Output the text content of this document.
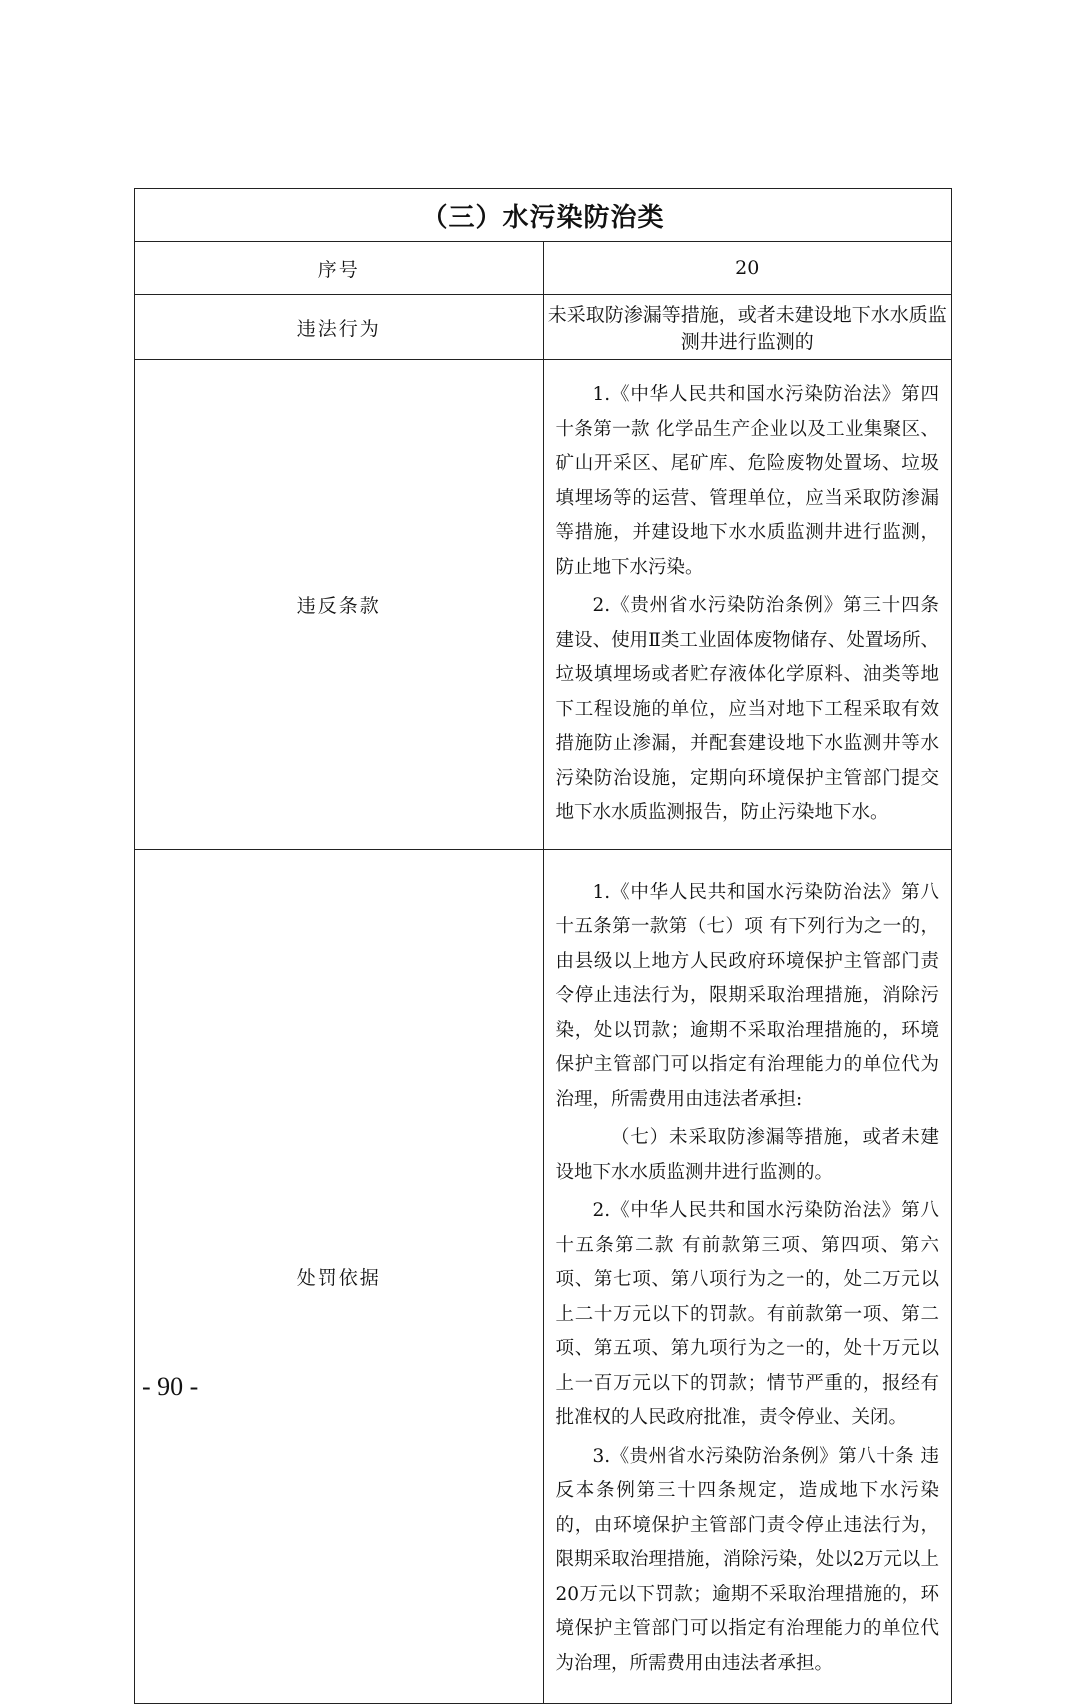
（三）水污染防治类	
序号	20
违法行为	未采取防渗漏等措施，或者未建设地下水水质监测井进行监测的
违反条款	1.《中华人民共和国水污染防治法》第四十条第一款 化学品生产企业以及工业集聚区、矿山开采区、尾矿库、危险废物处置场、垃圾填埋场等的运营、管理单位，应当采取防渗漏等措施，并建设地下水水质监测井进行监测，防止地下水污染。

2.《贵州省水污染防治条例》第三十四条 建设、使用Ⅱ类工业固体废物储存、处置场所、垃圾填埋场或者贮存液体化学原料、油类等地下工程设施的单位，应当对地下工程采取有效措施防止渗漏，并配套建设地下水监测井等水污染防治设施，定期向环境保护主管部门提交地下水水质监测报告，防止污染地下水。

处罚依据	1.《中华人民共和国水污染防治法》第八十五条第一款第（七）项 有下列行为之一的，由县级以上地方人民政府环境保护主管部门责令停止违法行为，限期采取治理措施，消除污染，处以罚款；逾期不采取治理措施的，环境保护主管部门可以指定有治理能力的单位代为治理，所需费用由违法者承担:

（七）未采取防渗漏等措施，或者未建设地下水水质监测井进行监测的。

2.《中华人民共和国水污染防治法》第八十五条第二款 有前款第三项、第四项、第六项、第七项、第八项行为之一的，处二万元以上二十万元以下的罚款。有前款第一项、第二项、第五项、第九项行为之一的，处十万元以上一百万元以下的罚款；情节严重的，报经有批准权的人民政府批准，责令停业、关闭。

3.《贵州省水污染防治条例》第八十条 违反本条例第三十四条规定，造成地下水污染的，由环境保护主管部门责令停止违法行为，限期采取治理措施，消除污染，处以2万元以上20万元以下罚款；逾期不采取治理措施的，环境保护主管部门可以指定有治理能力的单位代为治理，所需费用由违法者承担。

- 90 -
